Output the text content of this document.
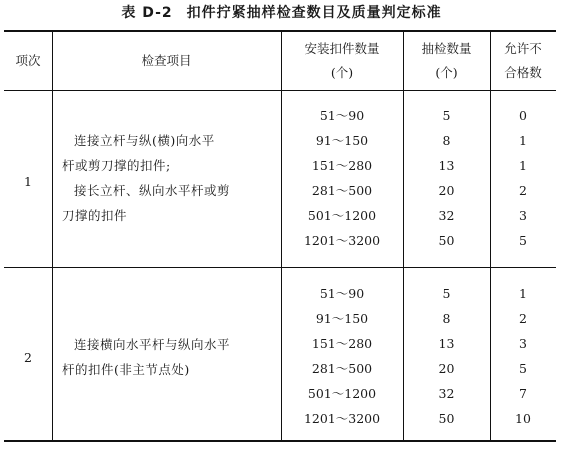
表 D-2 扣件拧紧抽样检查数目及质量判定标准
项次	检查项目
安装扣件数量
(个)
抽检数量
(个)
允许不
合格数
1
连接立杆与纵(横)向水平
杆或剪刀撑的扣件;
接长立杆、纵向水平杆或剪
刀撑的扣件
51～90
91～150
151～280
281～500
501～1200
1201～3200
5
8
13
20
32
50
0
1
1
2
3
5
2
连接横向水平杆与纵向水平
杆的扣件(非主节点处)
51～90
91～150
151～280
281～500
501～1200
1201～3200
5
8
13
20
32
50
1
2
3
5
7
10
